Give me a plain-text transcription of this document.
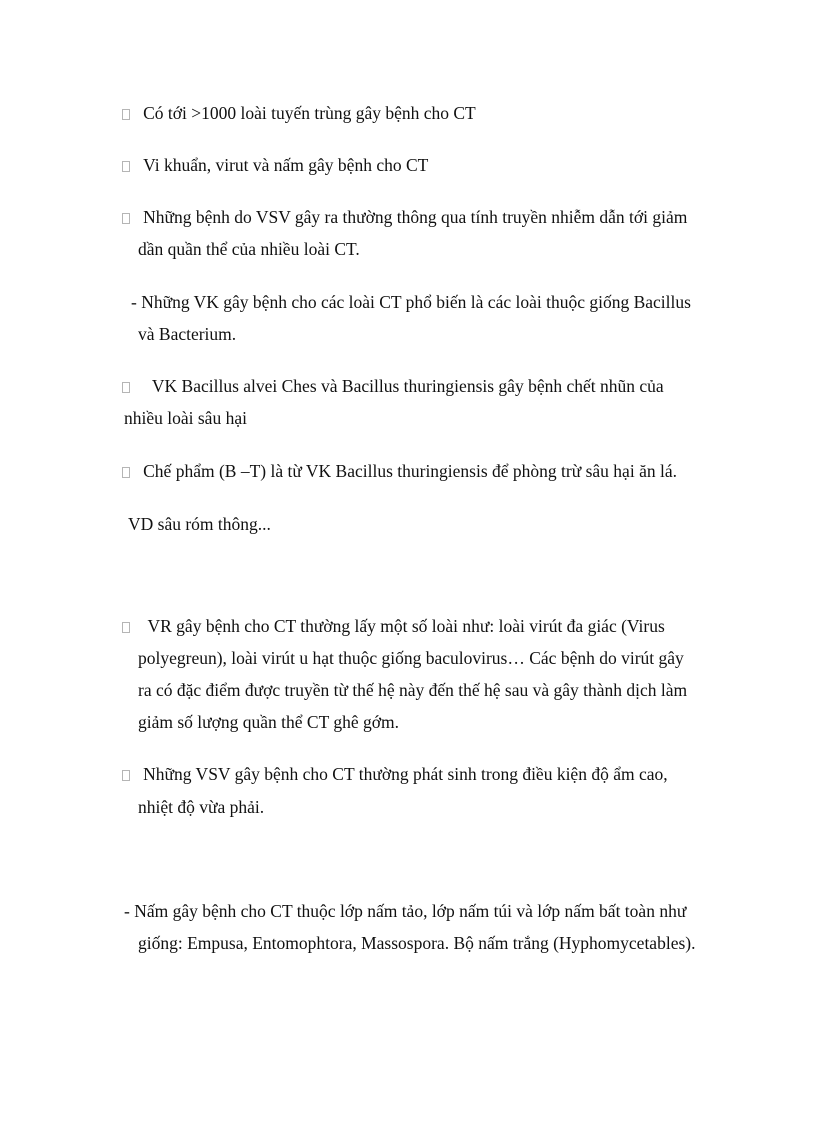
Có tới >1000 loài tuyến trùng gây bệnh cho CT

Vi khuẩn, virut và nấm gây bệnh cho CT

Những bệnh do VSV gây ra thường thông qua tính truyền nhiễm dẫn tới giảm

dần quần thể của nhiều loài CT.

- Những VK gây bệnh cho các loài CT phổ biến là các loài thuộc giống Bacillus

và Bacterium.

VK Bacillus alvei Ches và Bacillus thuringiensis gây bệnh chết nhũn của

nhiều loài sâu hại

Chế phẩm (B –T) là từ VK Bacillus thuringiensis để phòng trừ sâu hại ăn lá.

VD sâu róm thông...

VR gây bệnh cho CT thường lấy một số loài như: loài virút đa giác (Virus

polyegreun), loài virút u hạt thuộc giống baculovirus… Các bệnh do virút gây

ra có đặc điểm được truyền từ thế hệ này đến thế hệ sau và gây thành dịch làm

giảm số lượng quần thể CT ghê gớm.

Những VSV gây bệnh cho CT thường phát sinh trong điều kiện độ ẩm cao,

nhiệt độ vừa phải.

- Nấm gây bệnh cho CT thuộc lớp nấm tảo, lớp nấm túi và lớp nấm bất toàn như

giống: Empusa, Entomophtora, Massospora. Bộ nấm trắng (Hyphomycetables).
